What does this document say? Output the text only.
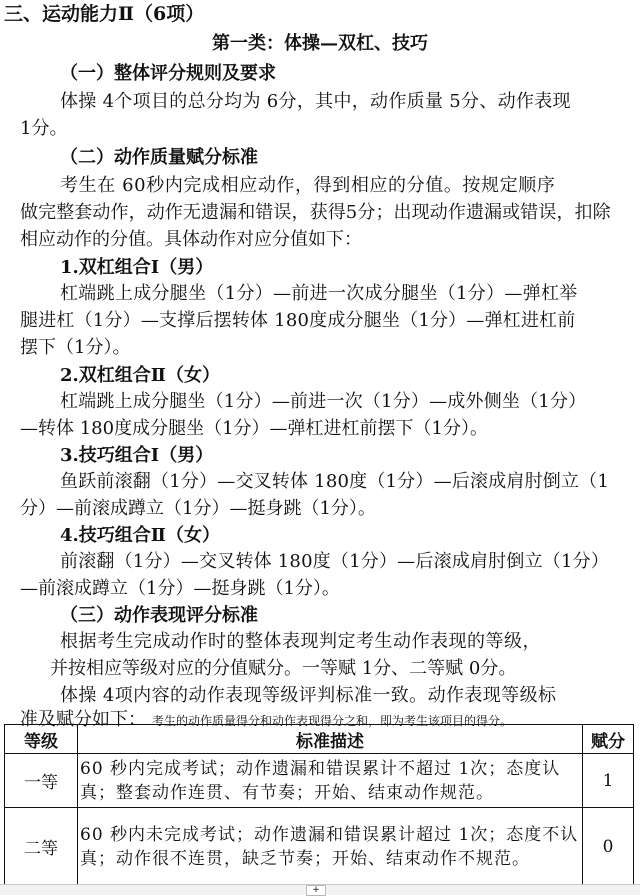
三、运动能力Ⅱ（6项）
第一类：体操—双杠、技巧
（一）整体评分规则及要求
体操 4个项目的总分均为 6分，其中，动作质量 5分、动作表现
1分。
（二）动作质量赋分标准
考生在 60秒内完成相应动作，得到相应的分值。按规定顺序
做完整套动作，动作无遗漏和错误，获得5分；出现动作遗漏或错误，扣除
相应动作的分值。具体动作对应分值如下：
1.双杠组合Ⅰ（男）
杠端跳上成分腿坐（1分）—前进一次成分腿坐（1分）—弹杠举
腿进杠（1分）—支撑后摆转体 180度成分腿坐（1分）—弹杠进杠前
摆下（1分）。
2.双杠组合Ⅱ（女）
杠端跳上成分腿坐（1分）—前进一次（1分）—成外侧坐（1分）
—转体 180度成分腿坐（1分）—弹杠进杠前摆下（1分）。
3.技巧组合Ⅰ（男）
鱼跃前滚翻（1分）—交叉转体 180度（1分）—后滚成肩肘倒立（1
分）—前滚成蹲立（1分）—挺身跳（1分）。
4.技巧组合Ⅱ（女）
前滚翻（1分）—交叉转体 180度（1分）—后滚成肩肘倒立（1分）
—前滚成蹲立（1分）—挺身跳（1分）。
（三）动作表现评分标准
根据考生完成动作时的整体表现判定考生动作表现的等级，
并按相应等级对应的分值赋分。一等赋 1分、二等赋 0分。
体操 4项内容的动作表现等级评判标准一致。动作表现等级标
准及赋分如下： 考生的动作质量得分和动作表现得分之和，即为考生该项目的得分。
等级	标准描述	赋分
一等	60 秒内完成考试；动作遗漏和错误累计不超过 1次；态度认真；整套动作连贯、有节奏；开始、结束动作规范。	1
二等	60 秒内未完成考试；动作遗漏和错误累计超过 1次；态度不认真；动作很不连贯，缺乏节奏；开始、结束动作不规范。	0
+
